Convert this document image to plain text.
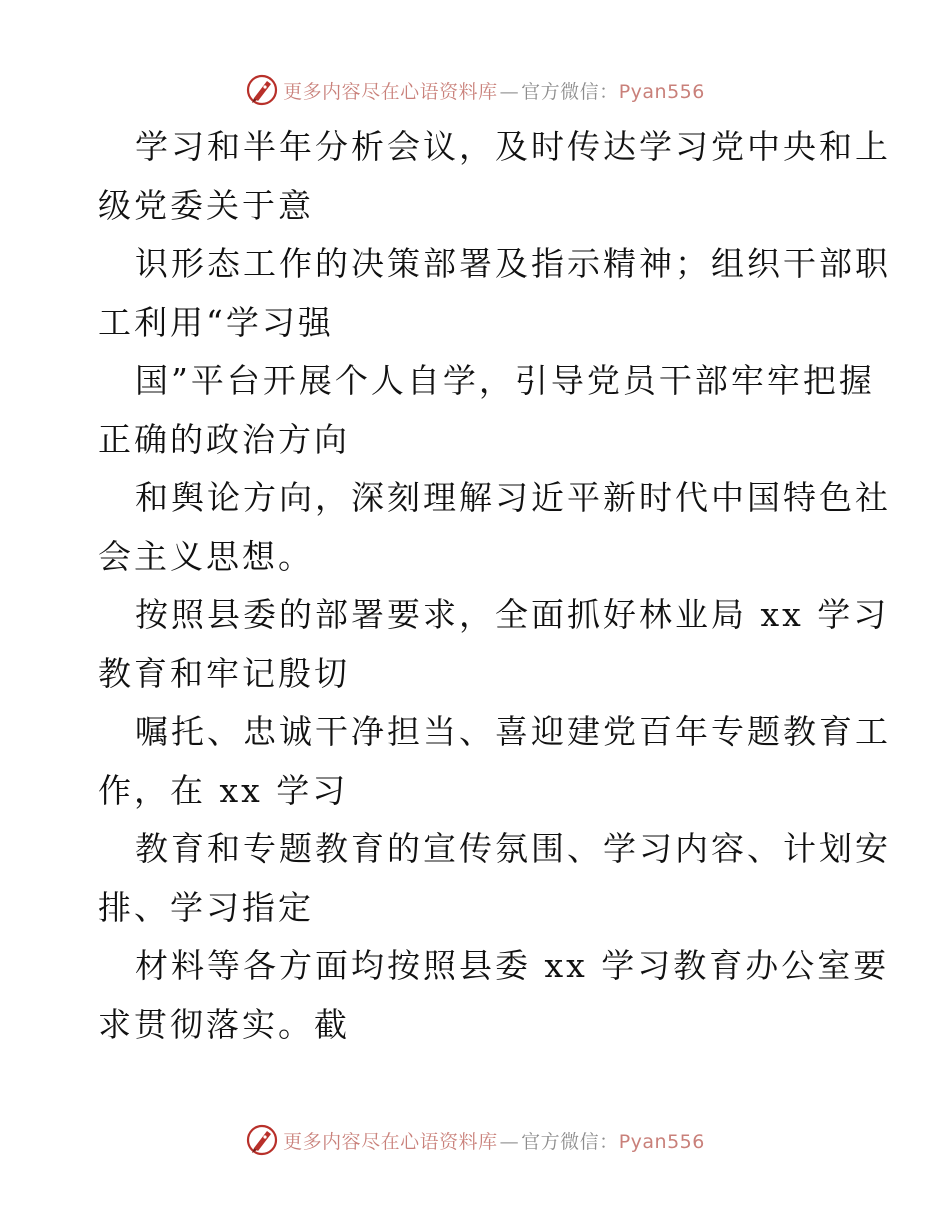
更多内容尽在心语资料库 — 官方微信：Pyan556
学习和半年分析会议，及时传达学习党中央和上
级党委关于意
识形态工作的决策部署及指示精神；组织干部职
工利用“学习强
国”平台开展个人自学，引导党员干部牢牢把握
正确的政治方向
和舆论方向，深刻理解习近平新时代中国特色社
会主义思想。
按照县委的部署要求，全面抓好林业局 xx 学习
教育和牢记殷切
嘱托、忠诚干净担当、喜迎建党百年专题教育工
作，在 xx 学习
教育和专题教育的宣传氛围、学习内容、计划安
排、学习指定
材料等各方面均按照县委 xx 学习教育办公室要
求贯彻落实。截
更多内容尽在心语资料库 — 官方微信：Pyan556
